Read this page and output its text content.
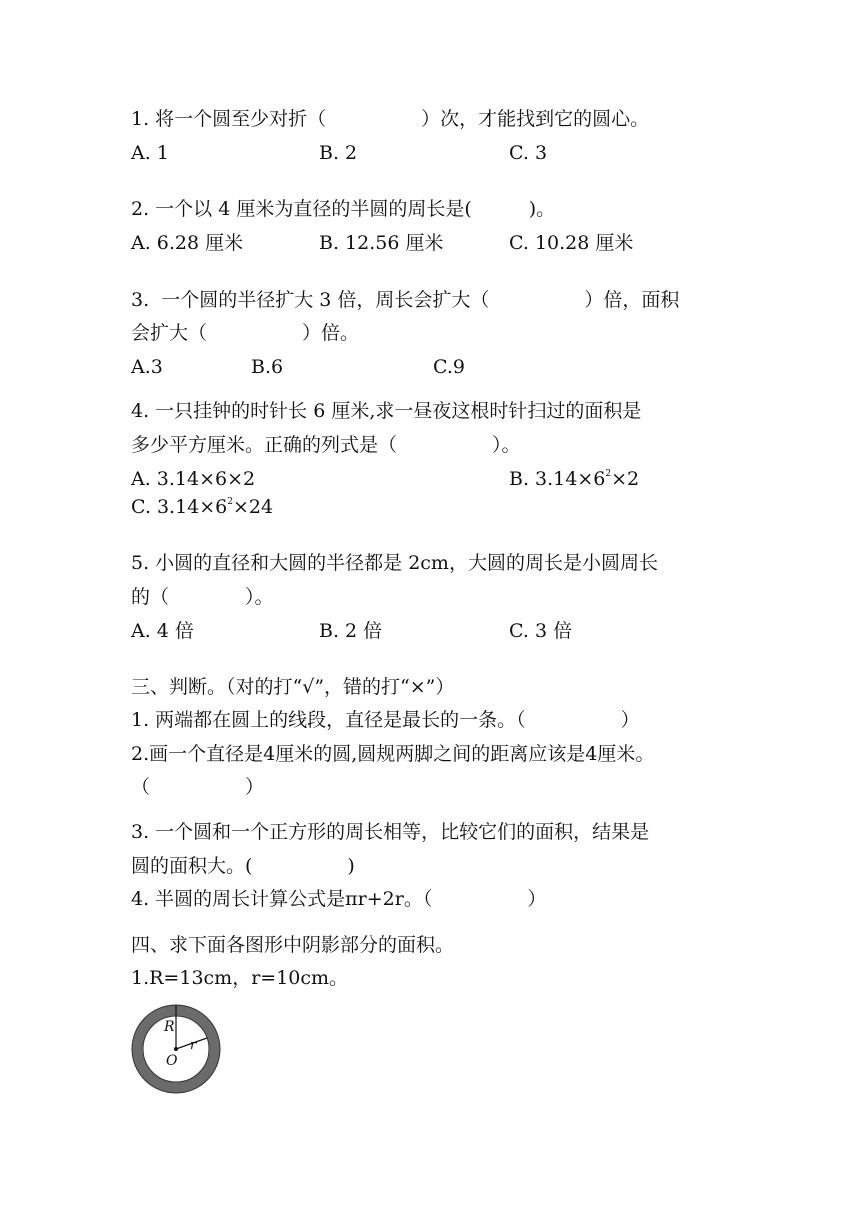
1. 将一个圆至少对折（　　　　　）次，才能找到它的圆心。
A. 1	B. 2	C. 3
2. 一个以 4 厘米为直径的半圆的周长是(　　　)。
A. 6.28 厘米	B. 12.56 厘米	C. 10.28 厘米
3.  一个圆的半径扩大 3 倍，周长会扩大（　　　　　）倍，面积
会扩大（　　　　　）倍。
A.3	B.6	C.9
4. 一只挂钟的时针长 6 厘米,求一昼夜这根时针扫过的面积是
多少平方厘米。正确的列式是（　　　　　）。
A. 3.14×6×2	B. $3.14\times 6^2\times 2$
C. $3.14\times 6^2\times 24$
5. 小圆的直径和大圆的半径都是 2cm，大圆的周长是小圆周长
的（　　　　）。
A. 4 倍	B. 2 倍	C. 3 倍
三、判断。（对的打“√”，错的打“×”）
1. 两端都在圆上的线段，直径是最长的一条。（　　　　　）
2.画一个直径是4厘米的圆,圆规两脚之间的距离应该是4厘米。
（　　　　　）
3. 一个圆和一个正方形的周长相等，比较它们的面积，结果是
圆的面积大。(　　　　　)
4. 半圆的周长计算公式是πr+2r。（　　　　　）
四、求下面各图形中阴影部分的面积。
1.R=13cm，r=10cm。
R
r
O
